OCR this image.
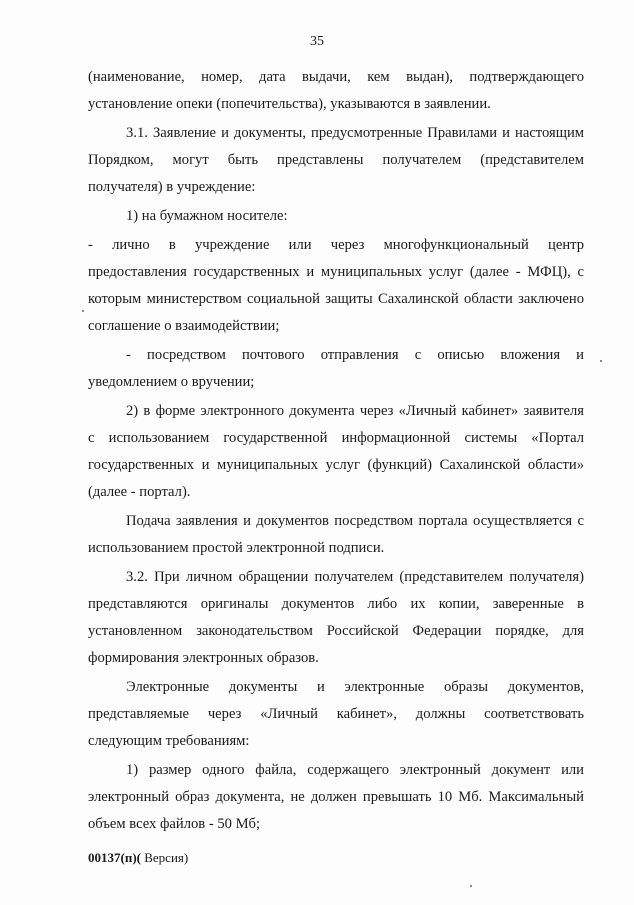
35
(наименование, номер, дата выдачи, кем выдан), подтверждающего
установление опеки (попечительства), указываются в заявлении.
3.1. Заявление и документы, предусмотренные Правилами и настоящим
Порядком, могут быть представлены получателем (представителем
получателя) в учреждение:
1) на бумажном носителе:
- лично в учреждение или через многофункциональный центр
предоставления государственных и муниципальных услуг (далее - МФЦ), с
которым министерством социальной защиты Сахалинской области заключено
соглашение о взаимодействии;
- посредством почтового отправления с описью вложения и
уведомлением о вручении;
2) в форме электронного документа через «Личный кабинет» заявителя
с использованием государственной информационной системы «Портал
государственных и муниципальных услуг (функций) Сахалинской области»
(далее - портал).
Подача заявления и документов посредством портала осуществляется с
использованием простой электронной подписи.
3.2. При личном обращении получателем (представителем получателя)
представляются оригиналы документов либо их копии, заверенные в
установленном законодательством Российской Федерации порядке, для
формирования электронных образов.
Электронные документы и электронные образы документов,
представляемые через «Личный кабинет», должны соответствовать
следующим требованиям:
1) размер одного файла, содержащего электронный документ или
электронный образ документа, не должен превышать 10 Мб. Максимальный
объем всех файлов - 50 Мб;
00137(п)( Версия)
